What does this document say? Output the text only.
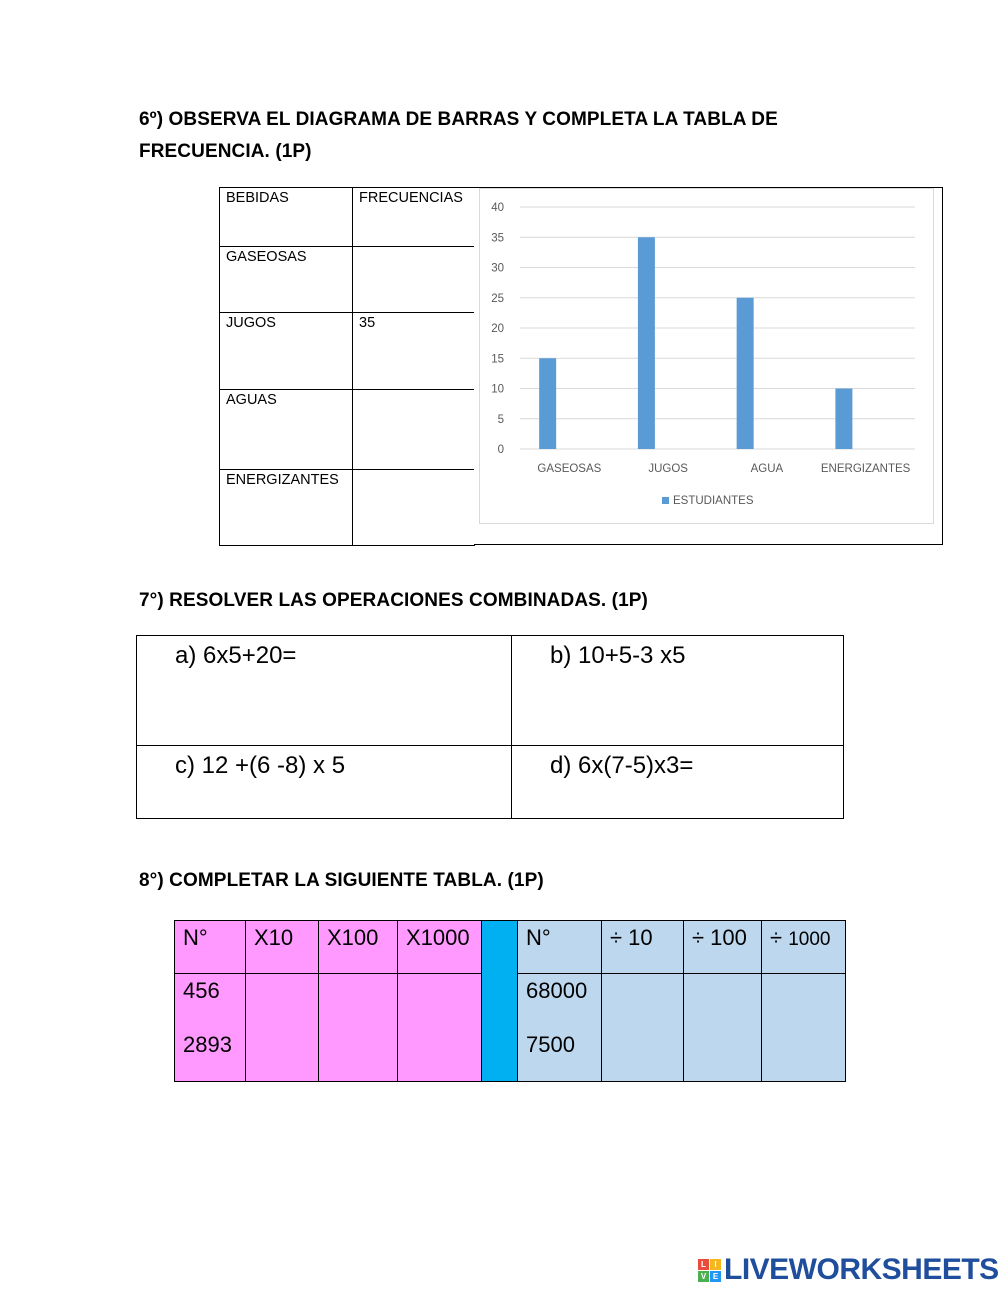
6º) OBSERVA EL DIAGRAMA DE BARRAS Y COMPLETA LA TABLA DE
FRECUENCIA. (1P)
BEBIDAS	FRECUENCIAS
GASEOSAS	
JUGOS	35
AGUAS	
ENERGIZANTES	
0
5
10
15
20
25
30
35
40
GASEOSAS	JUGOS	AGUA	ENERGIZANTES
ESTUDIANTES
7°) RESOLVER LAS OPERACIONES COMBINADAS. (1P)
a) 6x5+20=	b) 10+5-3 x5
c) 12 +(6 -8) x 5	d) 6x(7-5)x3=
8°) COMPLETAR LA SIGUIENTE TABLA. (1P)
N°	X10	X100	X1000		N°	÷ 10	÷ 100	÷ 1000
456					68000			
2893					7500			
L	I
V E LIVEWORKSHEETS
